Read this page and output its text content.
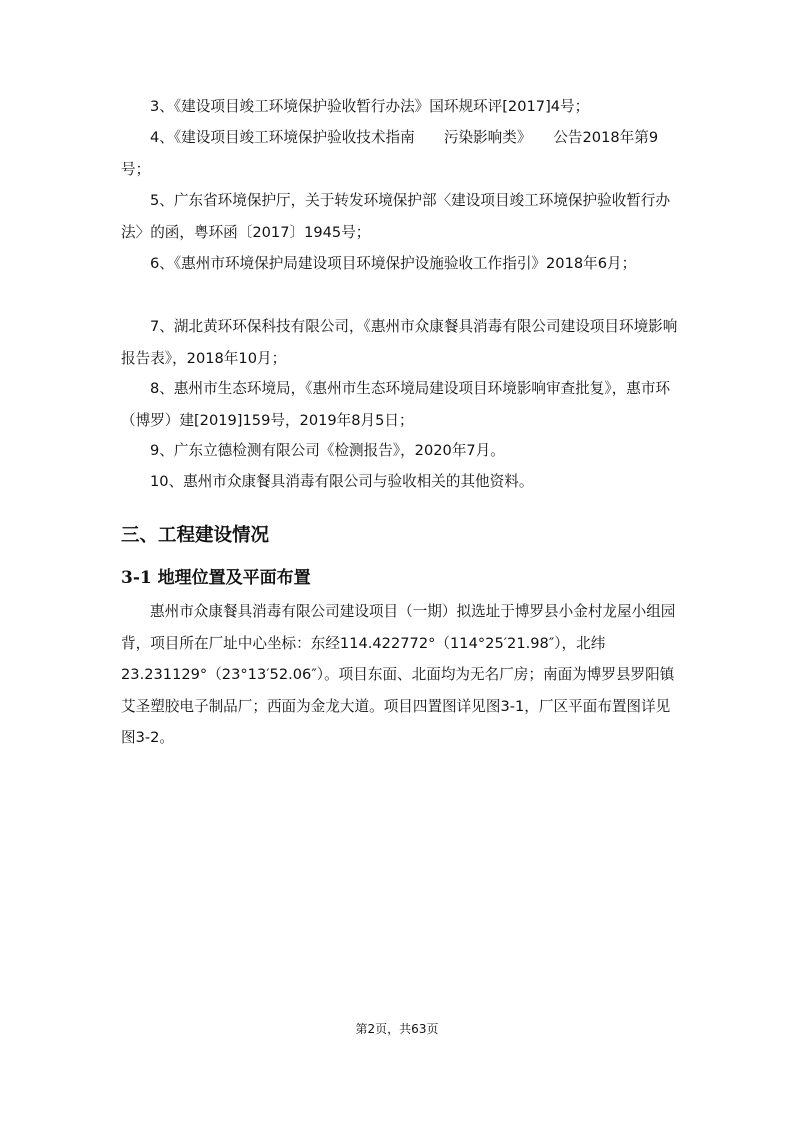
3、《建设项目竣工环境保护验收暂行办法》国环规环评[2017]4号；

4、《建设项目竣工环境保护验收技术指南　　污染影响类》　　公告2018年第9号；

5、广东省环境保护厅，关于转发环境保护部〈建设项目竣工环境保护验收暂行办法〉的函，粤环函〔2017〕1945号；

6、《惠州市环境保护局建设项目环境保护设施验收工作指引》2018年6月；

7、湖北黄环环保科技有限公司，《惠州市众康餐具消毒有限公司建设项目环境影响报告表》，2018年10月；

8、惠州市生态环境局，《惠州市生态环境局建设项目环境影响审查批复》，惠市环（博罗）建[2019]159号，2019年8月5日；

9、广东立德检测有限公司《检测报告》，2020年7月。

10、惠州市众康餐具消毒有限公司与验收相关的其他资料。

三、工程建设情况
3-1 地理位置及平面布置

惠州市众康餐具消毒有限公司建设项目（一期）拟选址于博罗县小金村龙屋小组园背，项目所在厂址中心坐标：东经114.422772°（114°25′21.98″），北纬23.231129°（23°13′52.06″）。项目东面、北面均为无名厂房；南面为博罗县罗阳镇艾圣塑胶电子制品厂；西面为金龙大道。项目四置图详见图3-1，厂区平面布置图详见图3-2。

第2页，共63页
